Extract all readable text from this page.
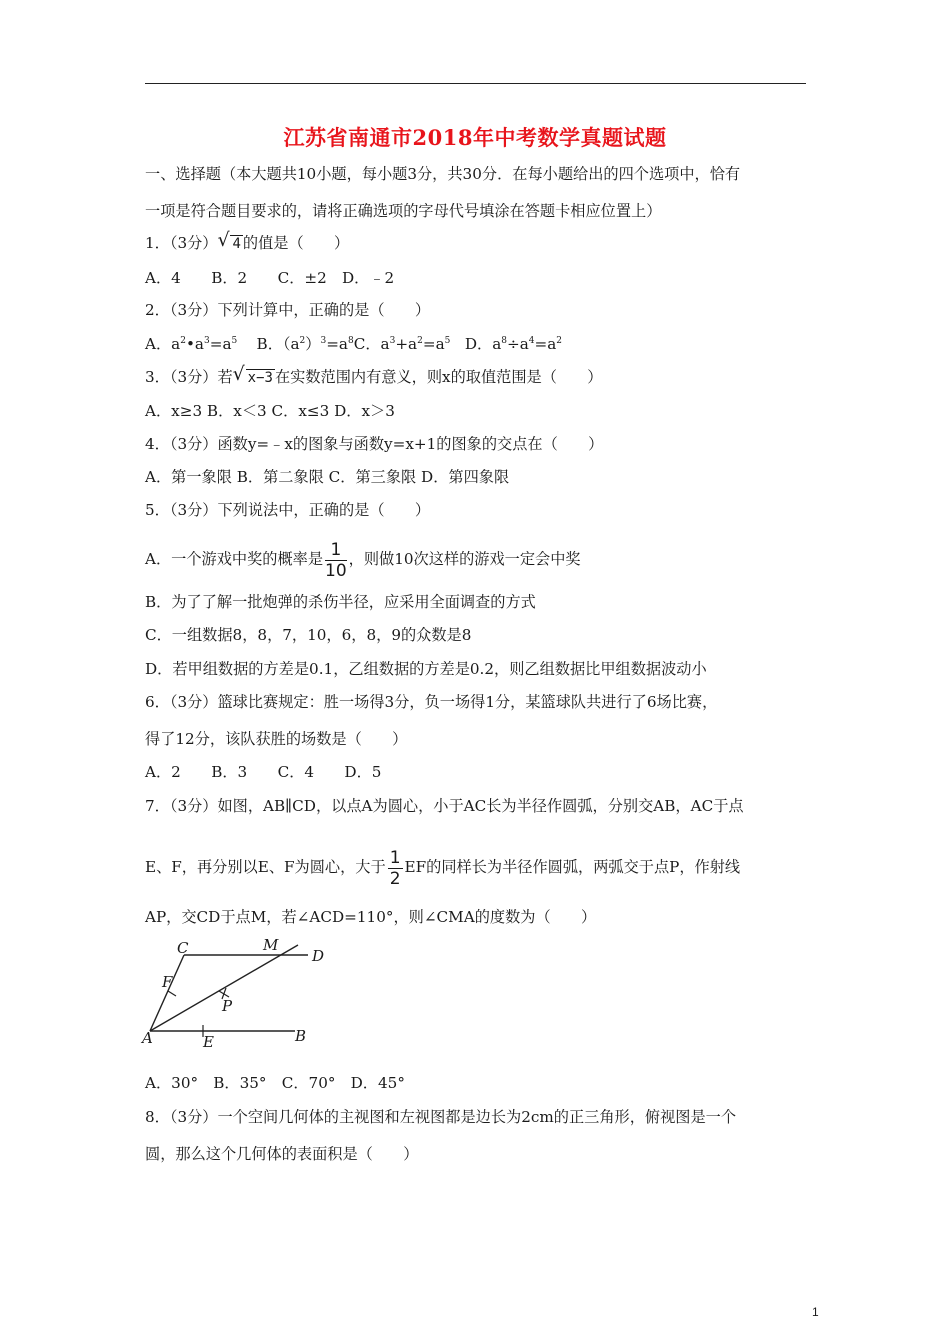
江苏省南通市2018年中考数学真题试题
一、选择题（本大题共10小题，每小题3分，共30分．在每小题给出的四个选项中，恰有
一项是符合题目要求的，请将正确选项的字母代号填涂在答题卡相应位置上）
1．（3分） √ 4 的值是（　　）
A．4　　B．2　　C．±2　D．﹣2
2．（3分）下列计算中，正确的是（　　）
A．$a^2•a^3=a^5$ B．$(a^2)^3=a^8C$．$a^3+a^2=a^5$ D．$a^8\div a^4=a^2$
3．（3分）若 √ x−3 在实数范围内有意义，则x的取值范围是（　　）
A．x≥3 B．x＜3 C．x≤3 D．x＞3
4．（3分）函数y=﹣x的图象与函数y=x+1的图象的交点在（　　）
A．第一象限 B．第二象限 C．第三象限 D．第四象限
5．（3分）下列说法中，正确的是（　　）
A．一个游戏中奖的概率是 $\frac{1}{10}$ ，则做10次这样的游戏一定会中奖
B．为了了解一批炮弹的杀伤半径，应采用全面调查的方式
C．一组数据8，8，7，10，6，8，9的众数是8
D．若甲组数据的方差是0.1，乙组数据的方差是0.2，则乙组数据比甲组数据波动小
6．（3分）篮球比赛规定：胜一场得3分，负一场得1分，某篮球队共进行了6场比赛，
得了12分，该队获胜的场数是（　　）
A．2　　B．3　　C．4　　D．5
7．（3分）如图，AB∥CD，以点A为圆心，小于AC长为半径作圆弧，分别交AB，AC于点
E、F，再分别以E、F为圆心，大于 $\frac{1}{2}$ EF的同样长为半径作圆弧，两弧交于点P，作射线
AP，交CD于点M，若∠ACD=110°，则∠CMA的度数为（　　）
C	M
D
F
P
A	E	B
A．30°　B．35°　C．70°　D．45°
8．（3分）一个空间几何体的主视图和左视图都是边长为2cm的正三角形，俯视图是一个
圆，那么这个几何体的表面积是（　　）
1
